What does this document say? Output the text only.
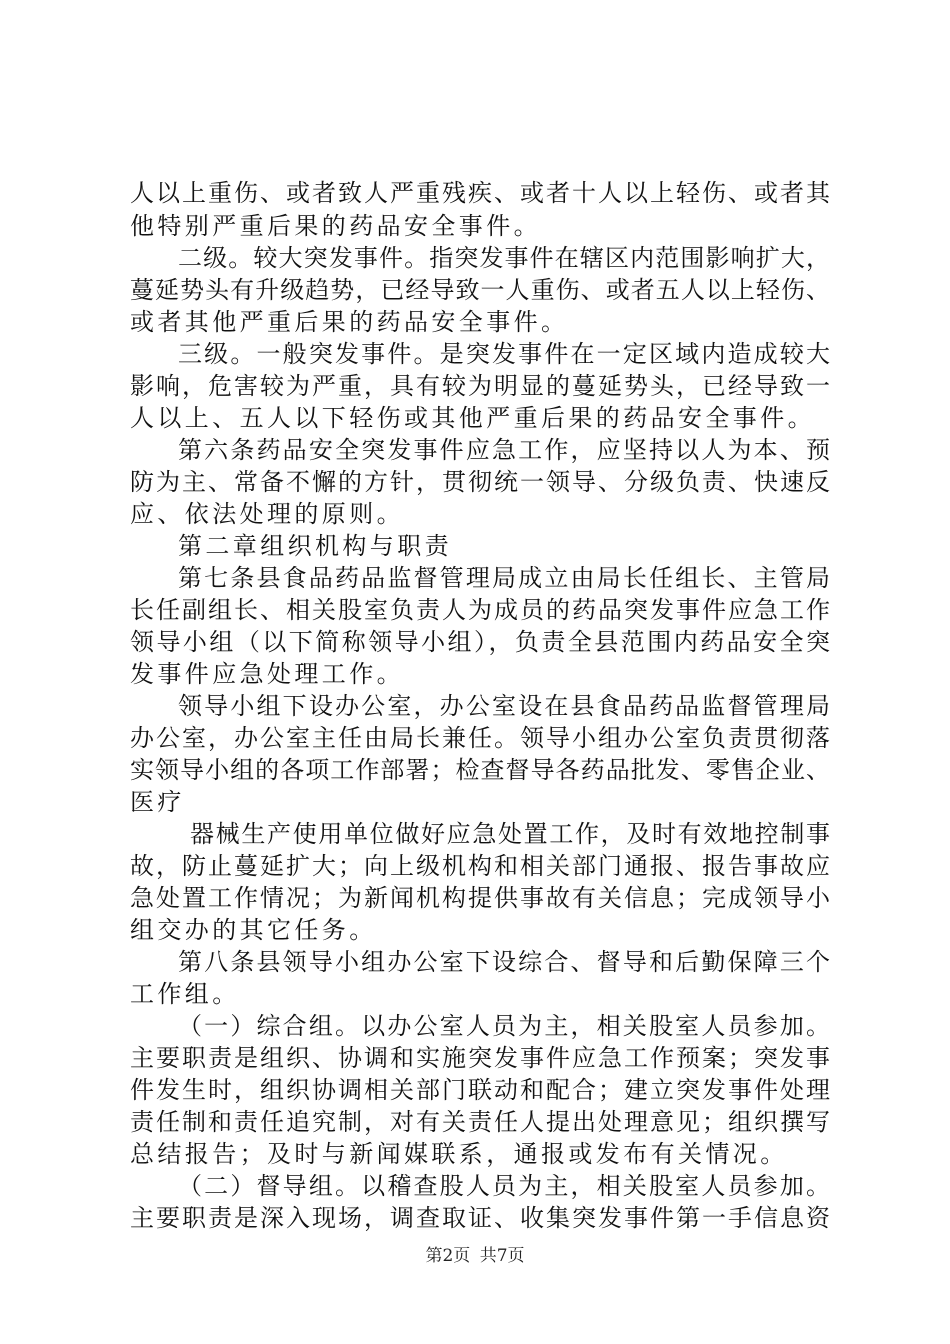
人以上重伤、或者致人严重残疾、或者十人以上轻伤、或者其
他特别严重后果的药品安全事件。
二级。较大突发事件。指突发事件在辖区内范围影响扩大，
蔓延势头有升级趋势，已经导致一人重伤、或者五人以上轻伤、
或者其他严重后果的药品安全事件。
三级。一般突发事件。是突发事件在一定区域内造成较大
影响，危害较为严重，具有较为明显的蔓延势头，已经导致一
人以上、五人以下轻伤或其他严重后果的药品安全事件。
第六条药品安全突发事件应急工作，应坚持以人为本、预
防为主、常备不懈的方针，贯彻统一领导、分级负责、快速反
应、依法处理的原则。
第二章组织机构与职责
第七条县食品药品监督管理局成立由局长任组长、主管局
长任副组长、相关股室负责人为成员的药品突发事件应急工作
领导小组（以下简称领导小组），负责全县范围内药品安全突
发事件应急处理工作。
领导小组下设办公室，办公室设在县食品药品监督管理局
办公室，办公室主任由局长兼任。领导小组办公室负责贯彻落
实领导小组的各项工作部署；检查督导各药品批发、零售企业、
医疗
器械生产使用单位做好应急处置工作，及时有效地控制事
故，防止蔓延扩大；向上级机构和相关部门通报、报告事故应
急处置工作情况；为新闻机构提供事故有关信息；完成领导小
组交办的其它任务。
第八条县领导小组办公室下设综合、督导和后勤保障三个
工作组。
（一）综合组。以办公室人员为主，相关股室人员参加。
主要职责是组织、协调和实施突发事件应急工作预案；突发事
件发生时，组织协调相关部门联动和配合；建立突发事件处理
责任制和责任追究制，对有关责任人提出处理意见；组织撰写
总结报告；及时与新闻媒联系，通报或发布有关情况。
（二）督导组。以稽查股人员为主，相关股室人员参加。
主要职责是深入现场，调查取证、收集突发事件第一手信息资
第2页 共7页
